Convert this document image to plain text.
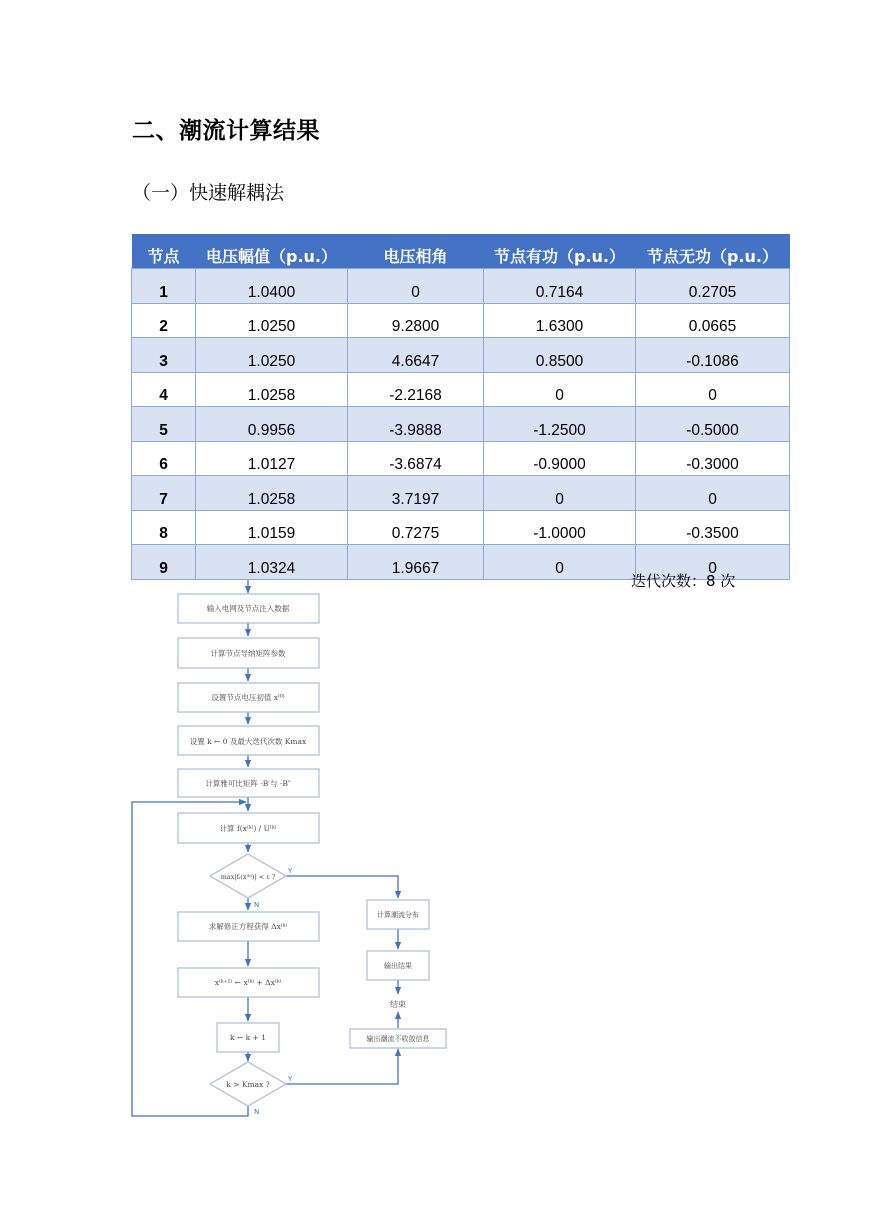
二、潮流计算结果
（一）快速解耦法
节点	电压幅值（p.u.）	电压相角	节点有功（p.u.）	节点无功（p.u.）
1	1.0400	0	0.7164	0.2705
2	1.0250	9.2800	1.6300	0.0665
3	1.0250	4.6647	0.8500	-0.1086
4	1.0258	-2.2168	0	0
5	0.9956	-3.9888	-1.2500	-0.5000
6	1.0127	-3.6874	-0.9000	-0.3000
7	1.0258	3.7197	0	0
8	1.0159	0.7275	-1.0000	-0.3500
9	1.0324	1.9667	0	0
迭代次数：8 次
输入电网及节点注入数据
计算节点导纳矩阵参数
设置节点电压初值 x⁽⁰⁾
设置 k ← 0 及最大迭代次数 Kmax
计算雅可比矩阵 -B′与 -B″
计算 f(x⁽ᵏ⁾) / U⁽ᵏ⁾
max|fᵢ(x⁽ᵏ⁾)| < ε ?
Y
N
求解修正方程获得 Δx⁽ᵏ⁾
x⁽ᵏ⁺¹⁾ ← x⁽ᵏ⁾ + Δx⁽ᵏ⁾
k ← k + 1
k > Kmax ?
Y
N
计算潮流分布
输出结果
结束
输出潮流不收敛信息
